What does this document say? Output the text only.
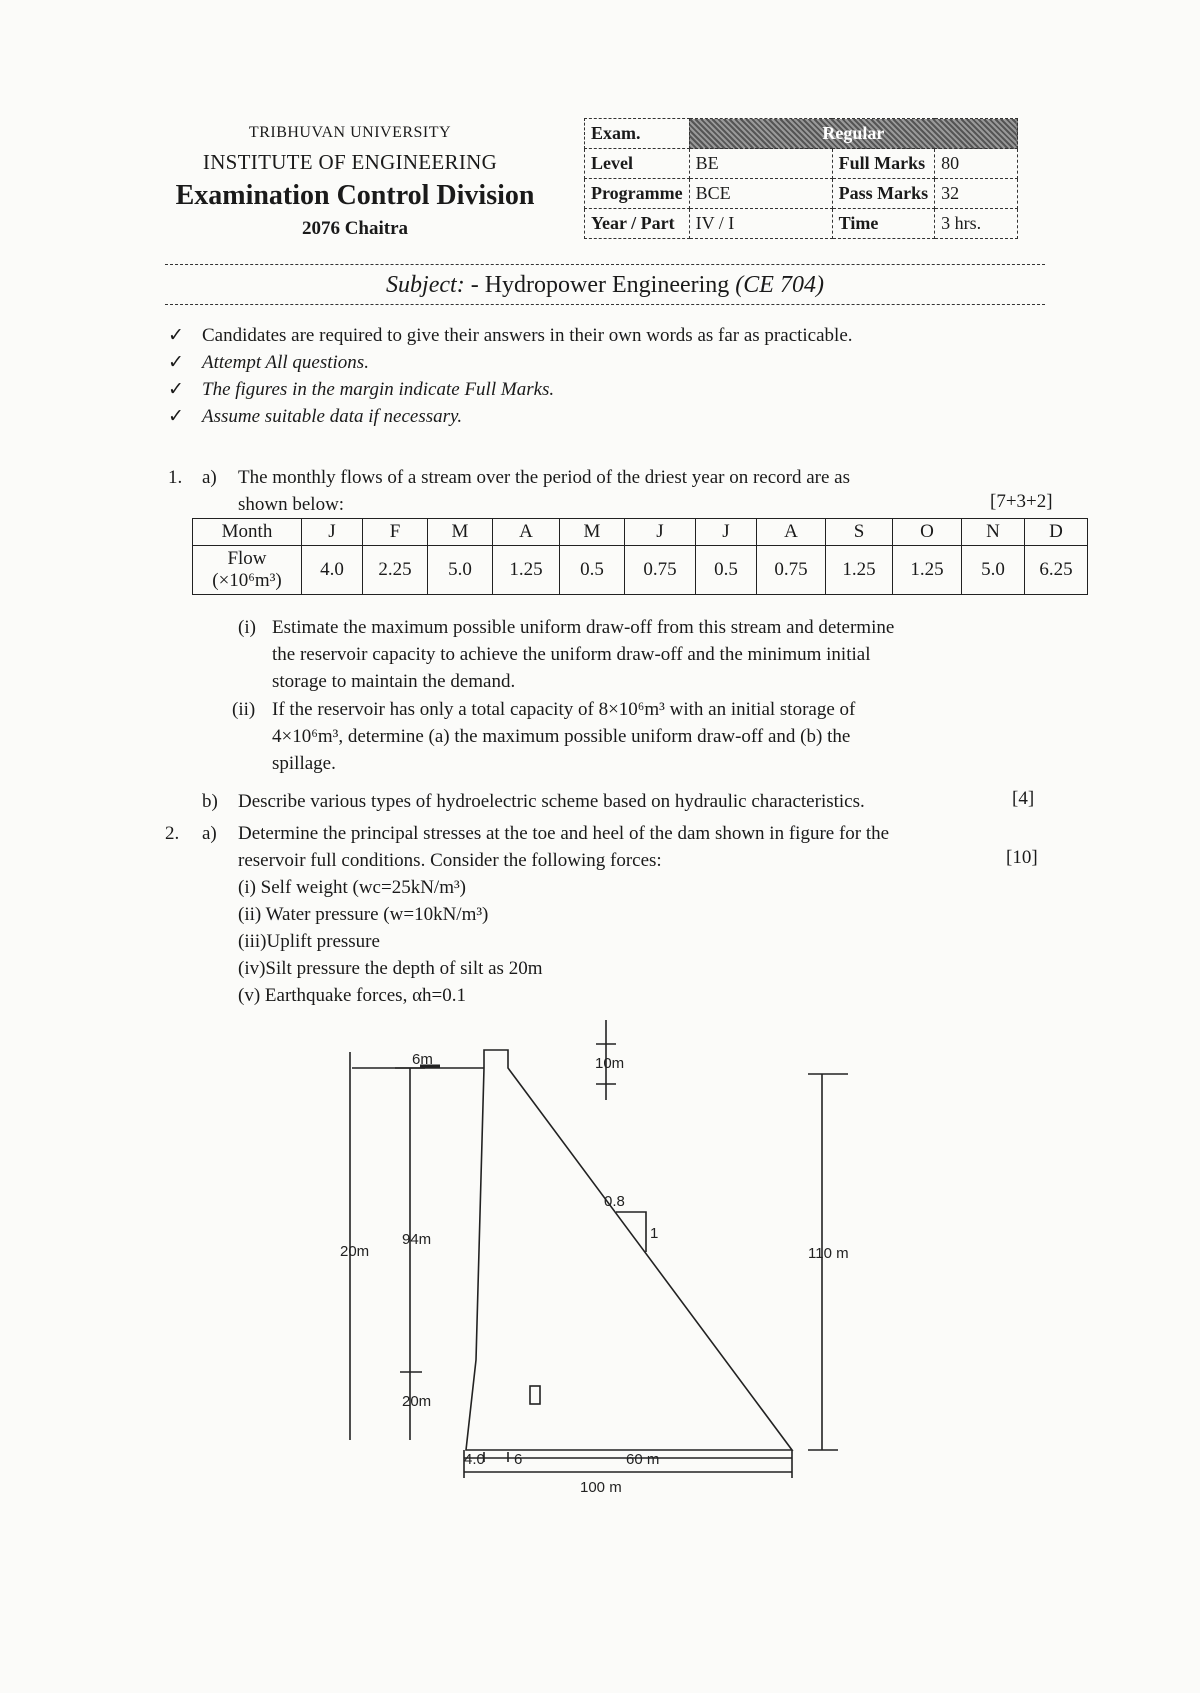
TRIBHUVAN UNIVERSITY
INSTITUTE OF ENGINEERING
Examination Control Division
2076 Chaitra
Exam.	Regular		
Level	BE	Full Marks	80
Programme	BCE	Pass Marks	32
Year / Part	IV / I	Time	3 hrs.
Subject: - Hydropower Engineering (CE 704)
✓ Candidates are required to give their answers in their own words as far as practicable.
✓ Attempt All questions.
✓ The figures in the margin indicate Full Marks.
✓ Assume suitable data if necessary.
1. a) The monthly flows of a stream over the period of the driest year on record are as
shown below:	[7+3+2]
Month	J	F	M	A	M	J	J	A	S	O	N	D

Flow
(×10⁶m³)	4.0	2.25	5.0	1.25	0.5	0.75	0.5	0.75	1.25	1.25	5.0	6.25
(i) Estimate the maximum possible uniform draw-off from this stream and determine
the reservoir capacity to achieve the uniform draw-off and the minimum initial
storage to maintain the demand.
(ii) If the reservoir has only a total capacity of 8×10⁶m³ with an initial storage of
4×10⁶m³, determine (a) the maximum possible uniform draw-off and (b) the
spillage.
b) Describe various types of hydroelectric scheme based on hydraulic characteristics.	[4]
2. a) Determine the principal stresses at the toe and heel of the dam shown in figure for the
reservoir full conditions. Consider the following forces:	[10]
(i) Self weight (wc=25kN/m³)
(ii) Water pressure (w=10kN/m³)
(iii)Uplift pressure
(iv)Silt pressure the depth of silt as 20m
(v) Earthquake forces, αh=0.1
6m	10m
20m
94m
20m
110 m
0.8
1
4.0 6	60 m
100 m
